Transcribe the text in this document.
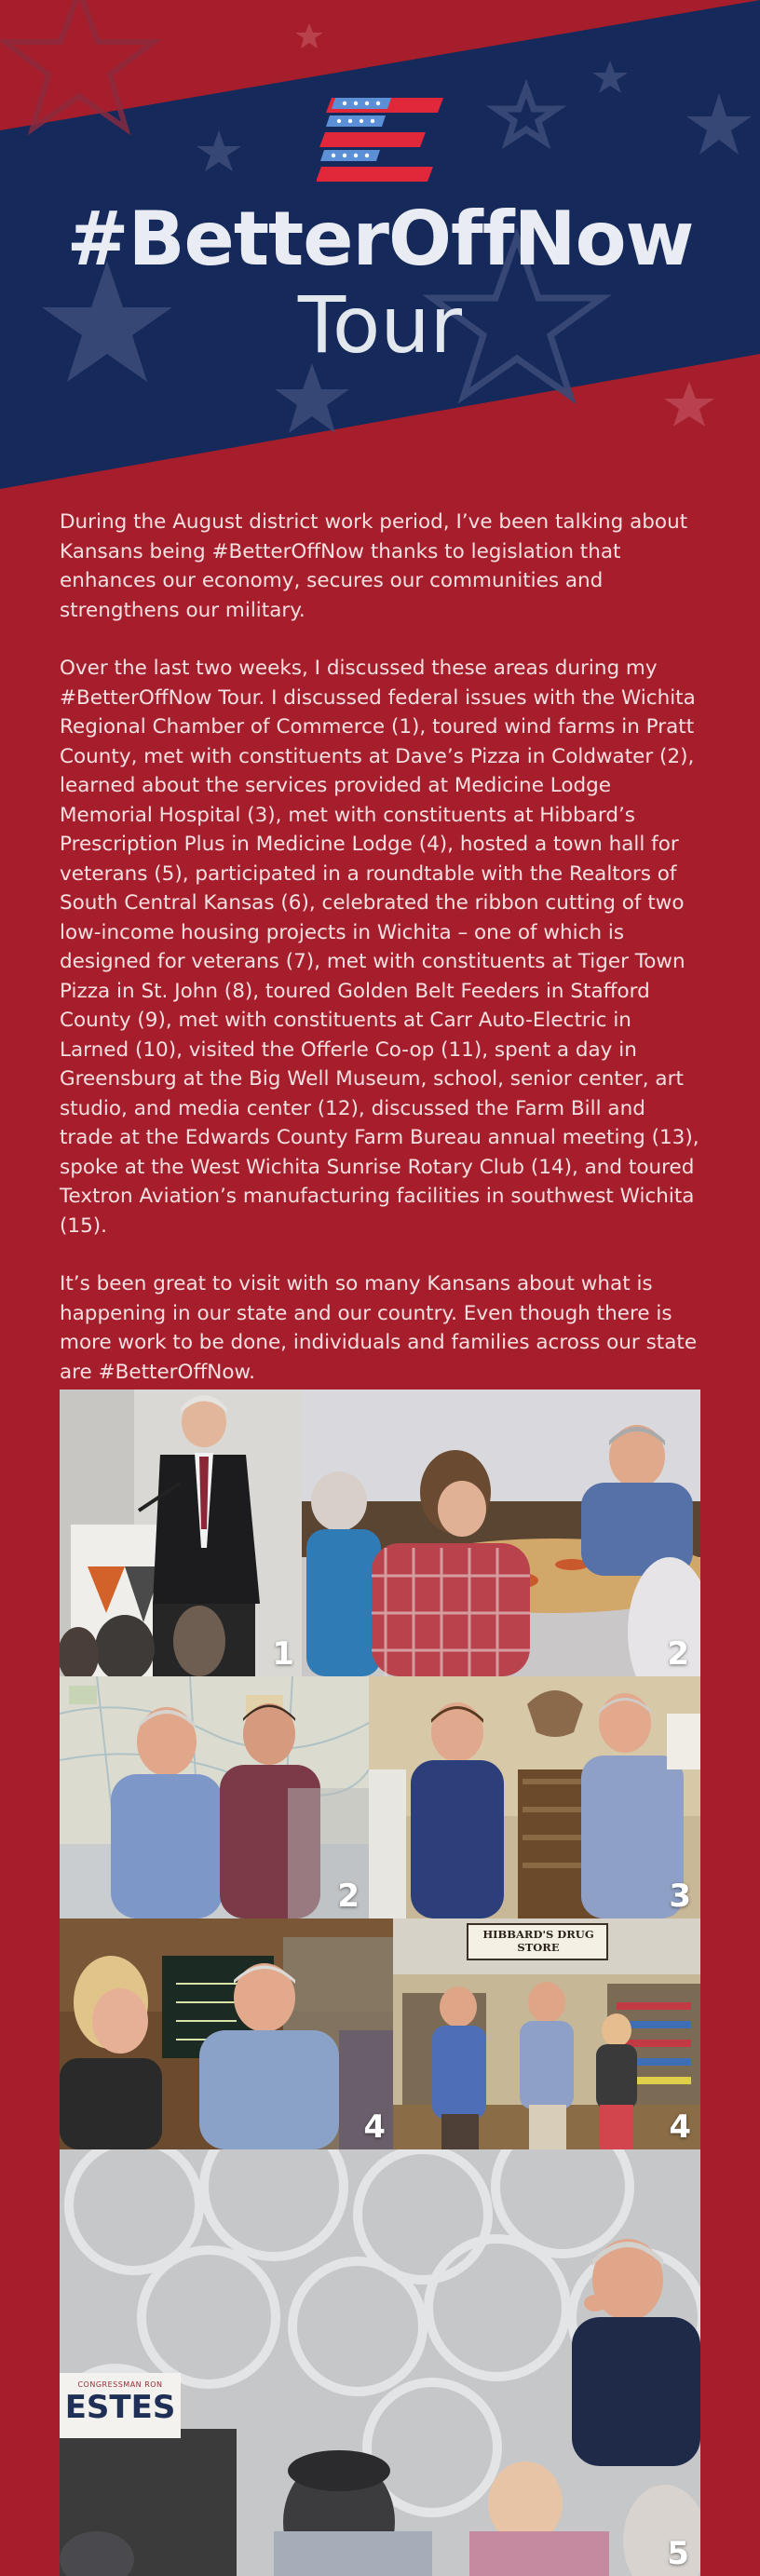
#BetterOffNow
Tour

During the August district work period, I’ve been talking about Kansans being #BetterOffNow thanks to legislation that enhances our economy, secures our communities and strengthens our military.

Over the last two weeks, I discussed these areas during my #BetterOffNow Tour. I discussed federal issues with the Wichita Regional Chamber of Commerce (1), toured wind farms in Pratt County, met with constituents at Dave’s Pizza in Coldwater (2), learned about the services provided at Medicine Lodge Memorial Hospital (3), met with constituents at Hibbard’s Prescription Plus in Medicine Lodge (4), hosted a town hall for veterans (5), participated in a roundtable with the Realtors of South Central Kansas (6), celebrated the ribbon cutting of two low-income housing projects in Wichita – one of which is designed for veterans (7), met with constituents at Tiger Town Pizza in St. John (8), toured Golden Belt Feeders in Stafford County (9), met with constituents at Carr Auto-Electric in Larned (10), visited the Offerle Co-op (11), spent a day in Greensburg at the Big Well Museum, school, senior center, art studio, and media center (12), discussed the Farm Bill and trade at the Edwards County Farm Bureau annual meeting (13), spoke at the West Wichita Sunrise Rotary Club (14), and toured Textron Aviation’s manufacturing facilities in southwest Wichita (15).

It’s been great to visit with so many Kansans about what is happening in our state and our country. Even though there is more work to be done, individuals and families across our state are #BetterOffNow.

1	2
2	3
4
HIBBARD'S DRUG STORE
4
CONGRESSMAN RON
ESTES
5
